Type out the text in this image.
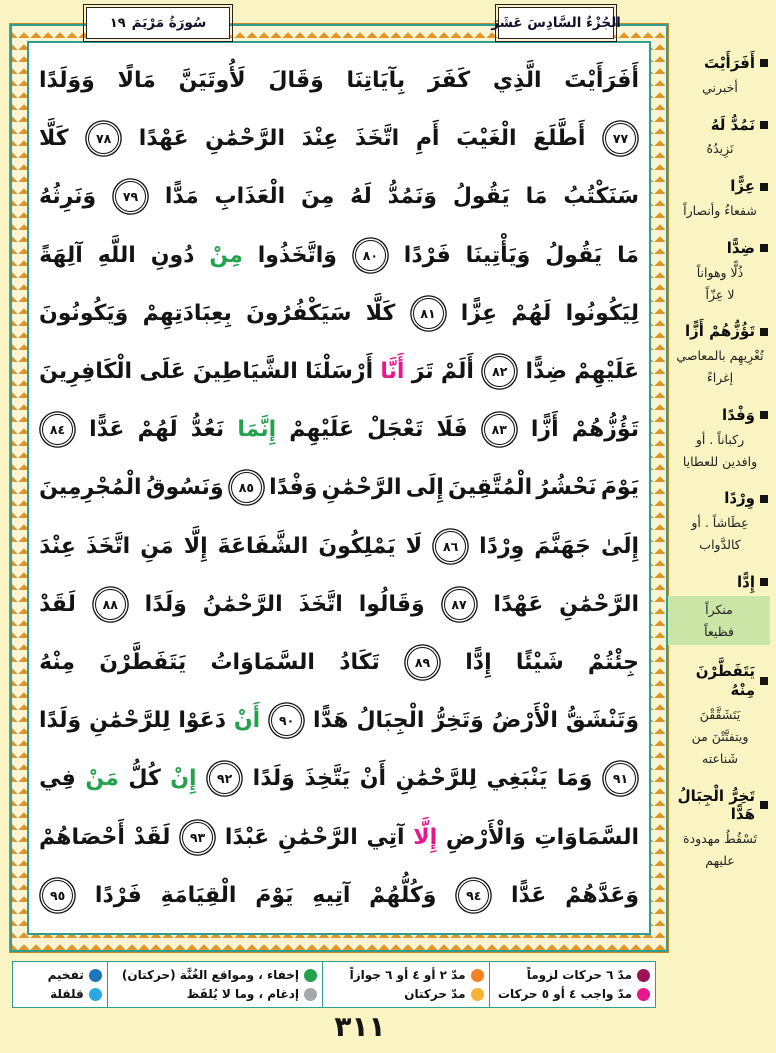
سُورَةُ مَرْيَمَ
١٩	الجُزْءُ السَّادِسَ عَشَرَ
أَفَرَأَيْتَ
الَّذِي
كَفَرَ
بِآيَاتِنَا
وَقَالَ
لَأُوتَيَنَّ
مَالًا
وَوَلَدًا
٧٧
أَطَّلَعَ
الْغَيْبَ
أَمِ
اتَّخَذَ
عِنْدَ
الرَّحْمَٰنِ
عَهْدًا
٧٨
كَلَّا
سَنَكْتُبُ
مَا
يَقُولُ
وَنَمُدُّ
لَهُ
مِنَ
الْعَذَابِ
مَدًّا
٧٩
وَنَرِثُهُ
مَا
يَقُولُ
وَيَأْتِينَا
فَرْدًا
٨٠
وَاتَّخَذُوا
مِنْ
دُونِ
اللَّهِ
آلِهَةً
لِيَكُونُوا
لَهُمْ
عِزًّا
٨١
كَلَّا
سَيَكْفُرُونَ
بِعِبَادَتِهِمْ
وَيَكُونُونَ
عَلَيْهِمْ
ضِدًّا
٨٢
أَلَمْ
تَرَ
أَنَّا
أَرْسَلْنَا
الشَّيَاطِينَ
عَلَى
الْكَافِرِينَ
تَؤُزُّهُمْ
أَزًّا
٨٣
فَلَا
تَعْجَلْ
عَلَيْهِمْ
إِنَّمَا
نَعُدُّ
لَهُمْ
عَدًّا
٨٤
يَوْمَ
نَحْشُرُ
الْمُتَّقِينَ
إِلَى
الرَّحْمَٰنِ
وَفْدًا
٨٥
وَنَسُوقُ
الْمُجْرِمِينَ
إِلَىٰ
جَهَنَّمَ
وِرْدًا
٨٦
لَا
يَمْلِكُونَ
الشَّفَاعَةَ
إِلَّا
مَنِ
اتَّخَذَ
عِنْدَ
الرَّحْمَٰنِ
عَهْدًا
٨٧
وَقَالُوا
اتَّخَذَ
الرَّحْمَٰنُ
وَلَدًا
٨٨
لَقَدْ
جِئْتُمْ
شَيْئًا
إِدًّا
٨٩
تَكَادُ
السَّمَاوَاتُ
يَتَفَطَّرْنَ
مِنْهُ
وَتَنْشَقُّ
الْأَرْضُ
وَتَخِرُّ
الْجِبَالُ
هَدًّا
٩٠
أَنْ
دَعَوْا
لِلرَّحْمَٰنِ
وَلَدًا
٩١
وَمَا
يَنْبَغِي
لِلرَّحْمَٰنِ
أَنْ
يَتَّخِذَ
وَلَدًا
٩٢
إِنْ
كُلُّ
مَنْ
فِي
السَّمَاوَاتِ
وَالْأَرْضِ
إِلَّا
آتِي
الرَّحْمَٰنِ
عَبْدًا
٩٣
لَقَدْ
أَحْصَاهُمْ
وَعَدَّهُمْ
عَدًّا
٩٤
وَكُلُّهُمْ
آتِيهِ
يَوْمَ
الْقِيَامَةِ
فَرْدًا
٩٥
أَفَرَأَيْتَ
أخبرني
نَمُدُّ لَهُ
نَزِيدُهُ
عِزًّا
شفعاءُ وأنصاراً
ضِدًّا
ذُلًّا وهواناً
لا عِزّاً
تَؤُزُّهُمْ أَزًّا
تُغْرِيهِم بالمعاصي
إغراءً
وَفْدًا
ركباناً . أو
وافدين للعطايا
وِرْدًا
عِطَاشاً . أو
كالدَّواب
إِدًّا
منكراً
فظيعاً
يَتَفَطَّرْنَ مِنْهُ
يَتَشَقَّقْنَ
ويتفتَّتْنَ من
شَناعته
تَخِرُّ الْجِبَالُ هَدًّا
تَسْقُطُ مهدودة
عليهم
مدّ ٦ حركات لزوماً
مدّ واجب ٤ أو ٥ حركات
مدّ ٢ أو ٤ أو ٦ جوازاً
مدّ حركتان
إخفاء ، ومواقع الغُنَّة (حركتان)
إدغام ، وما لا يُلفَظ
تفخيم
قلقلة
٣١١
